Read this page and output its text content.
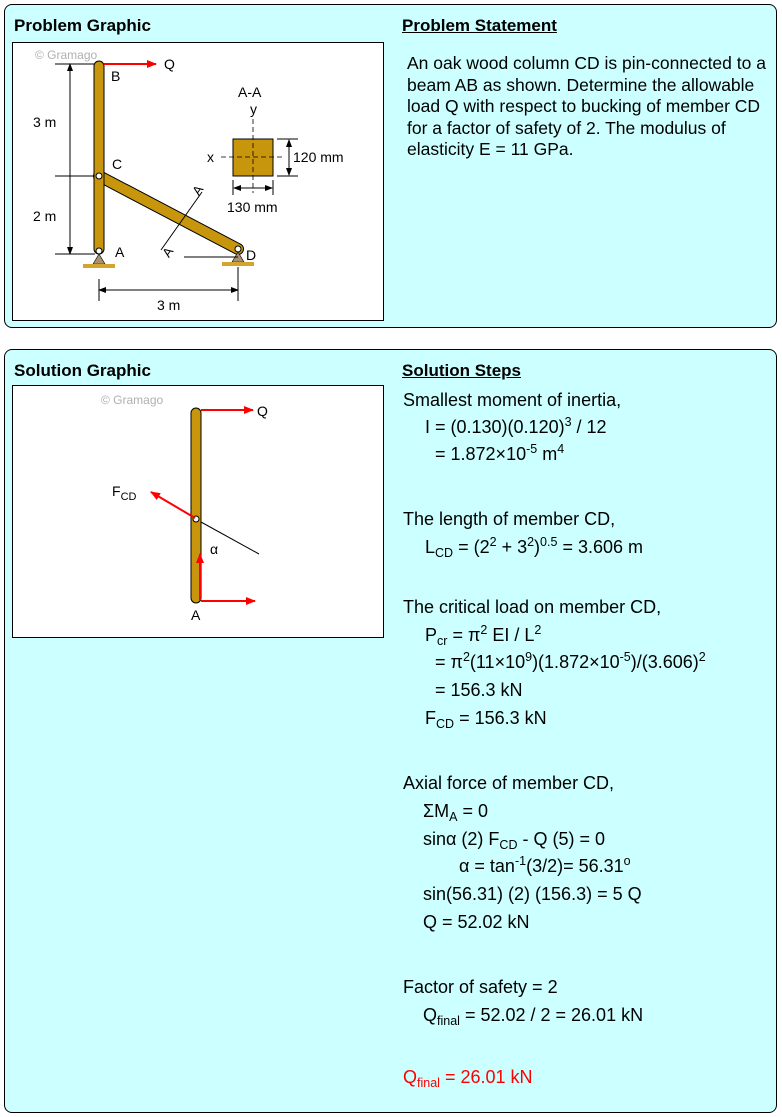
Problem Graphic	Problem Statement
© Gramago
3 m
2 m
A
A
B
C
A	D
Q
3 m
A-A
y
x	120 mm
130 mm
An oak wood column CD is pin-connected to a beam AB as shown. Determine the allowable load Q with respect to bucking of member CD for a factor of safety of 2. The modulus of elasticity E = 11 GPa.
Solution Graphic	Solution Steps
© Gramago
α
Q
$F_{CD}$
A
Smallest moment of inertia,
$I = (0.130)(0.120)^3 / 12$
= $1.872\times 10^{-5}$ $m^4$
The length of member CD,
$L_{CD} = (2^2 + 3^2)^{0.5} = 3.606$ m
The critical load on member CD,
$P_{cr} = \pi^2$ EI / $L^2$
= $\pi^2(11\times 10^9)(1.872\times 10^{-5})/(3.606)^2$
= 156.3 kN
$F_{CD} = 156.3$ kN
Axial force of member CD,
$\Sigma M_A = 0$
sinα (2) $F_{CD}$ - Q (5) = 0
$\alpha = \tan^{-1}(3/2)= 56.31^o$
sin(56.31) (2) (156.3) = 5 Q
Q = 52.02 kN
Factor of safety = 2
$Q_{final} = 52.02 / 2 = 26.01$ kN
$Q_{final} = 26.01$ kN
